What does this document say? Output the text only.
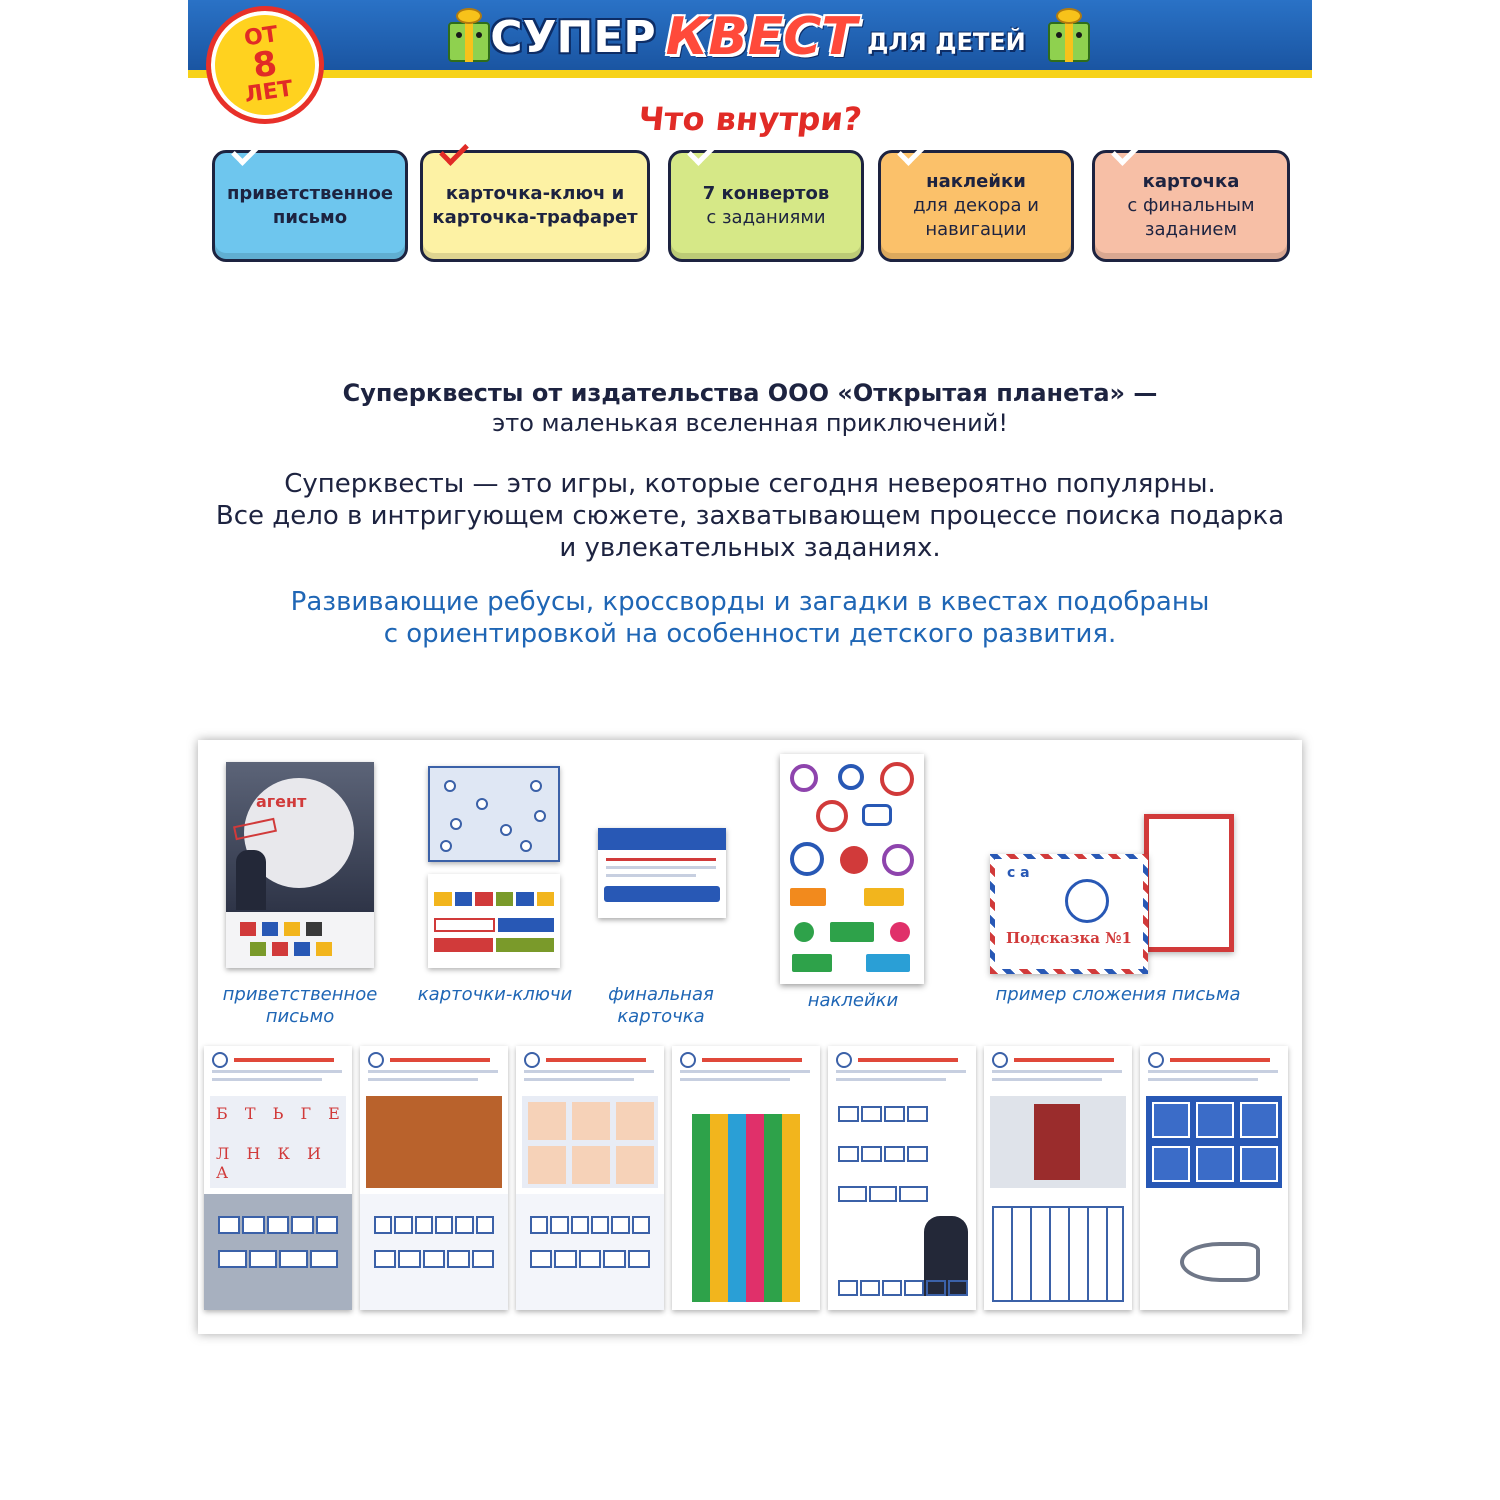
СУПЕР КВЕСТ ДЛЯ ДЕТЕЙ
ОТ
8
ЛЕТ
Что внутри?
приветственное письмо
карточка-ключ и карточка-трафарет
7 конвертов
с заданиями
наклейки
для декора и навигации
карточка
с финальным заданием
Суперквесты от издательства ООО «Открытая планета» —
это маленькая вселенная приключений!
Суперквесты — это игры, которые сегодня невероятно популярны.
Все дело в интригующем сюжете, захватывающем процессе поиска подарка
и увлекательных заданиях.
Развивающие ребусы, кроссворды и загадки в квестах подобраны
с ориентировкой на особенности детского развития.
агент
приветственное письмо
карточки-ключи	финальная карточка
наклейки
с а
Подсказка №1
пример сложения письма
Б Т Ь Г Е
Л Н К И А
